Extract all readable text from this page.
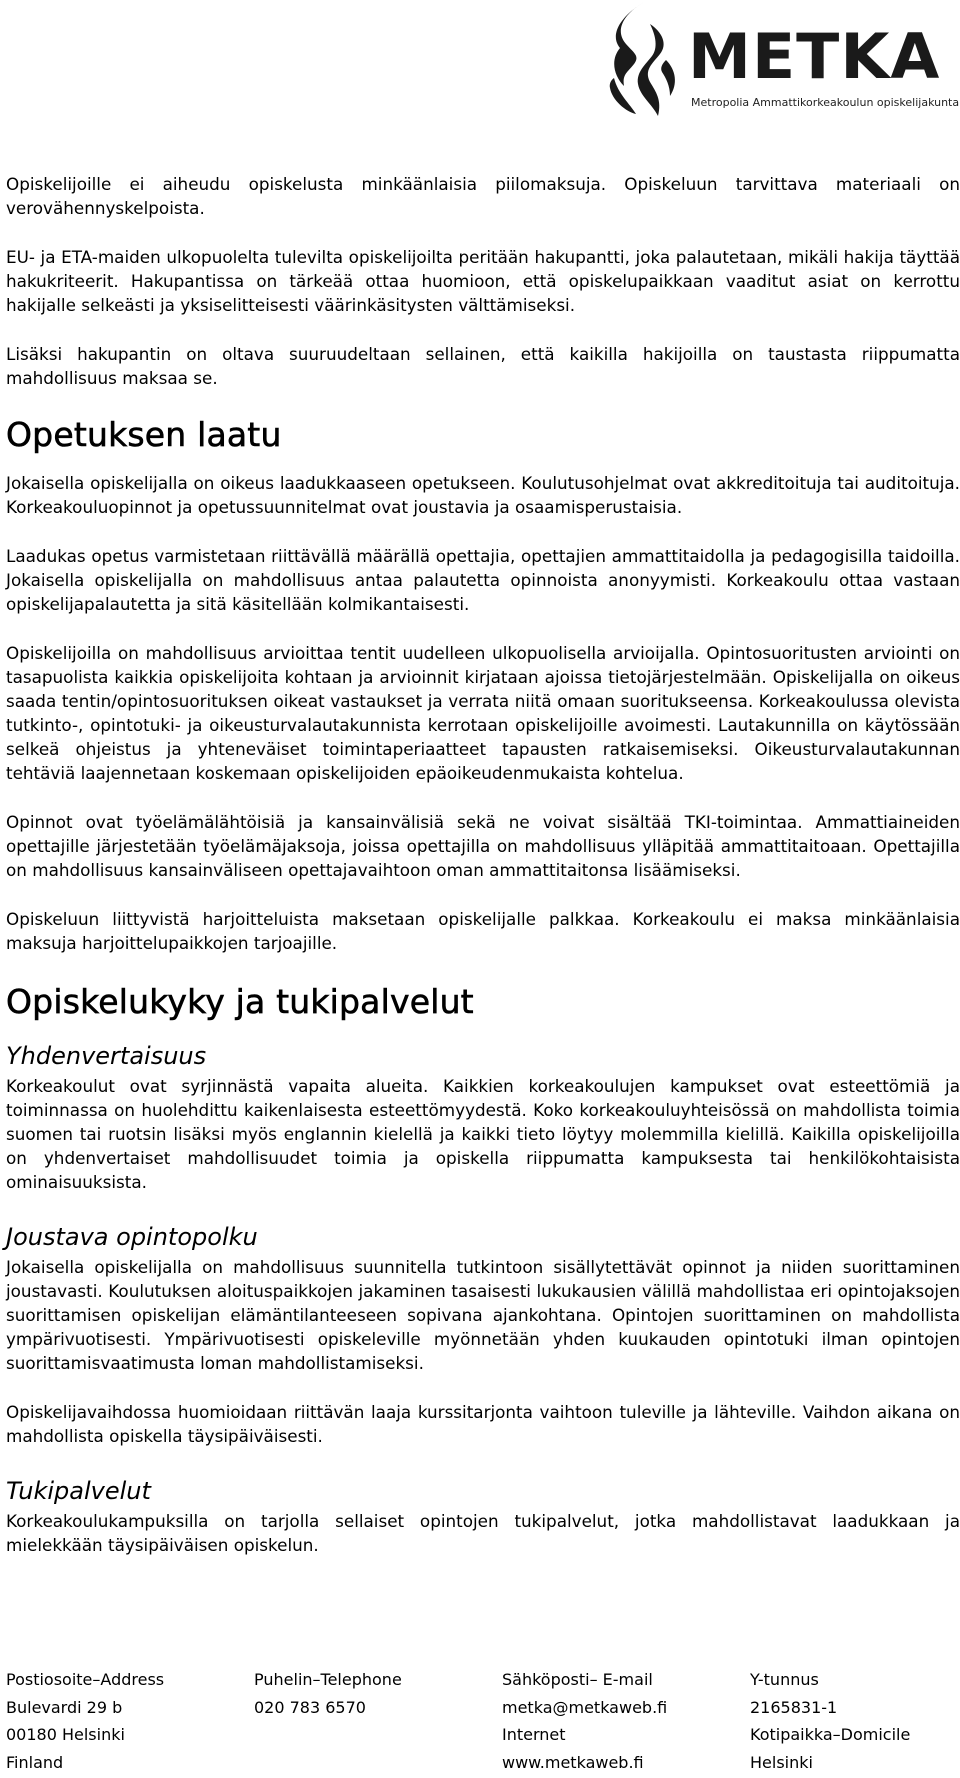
METKA
Metropolia Ammattikorkeakoulun opiskelijakunta

Opiskelijoille ei aiheudu opiskelusta minkäänlaisia piilomaksuja. Opiskeluun tarvittava materiaali on verovähennyskelpoista.

EU- ja ETA-maiden ulkopuolelta tulevilta opiskelijoilta peritään hakupantti, joka palautetaan, mikäli hakija täyttää hakukriteerit. Hakupantissa on tärkeää ottaa huomioon, että opiskelupaikkaan vaaditut asiat on kerrottu hakijalle selkeästi ja yksiselitteisesti väärinkäsitysten välttämiseksi.

Lisäksi hakupantin on oltava suuruudeltaan sellainen, että kaikilla hakijoilla on taustasta riippumatta mahdollisuus maksaa se.

Opetuksen laatu

Jokaisella opiskelijalla on oikeus laadukkaaseen opetukseen. Koulutusohjelmat ovat akkreditoituja tai auditoituja. Korkeakouluopinnot ja opetussuunnitelmat ovat joustavia ja osaamisperustaisia.

Laadukas opetus varmistetaan riittävällä määrällä opettajia, opettajien ammattitaidolla ja pedagogisilla taidoilla. Jokaisella opiskelijalla on mahdollisuus antaa palautetta opinnoista anonyymisti. Korkeakoulu ottaa vastaan opiskelijapalautetta ja sitä käsitellään kolmikantaisesti.

Opiskelijoilla on mahdollisuus arvioittaa tentit uudelleen ulkopuolisella arvioijalla. Opintosuoritusten arviointi on tasapuolista kaikkia opiskelijoita kohtaan ja arvioinnit kirjataan ajoissa tietojärjestelmään. Opiskelijalla on oikeus saada tentin/opintosuorituksen oikeat vastaukset ja verrata niitä omaan suoritukseensa. Korkeakoulussa olevista tutkinto-, opintotuki- ja oikeusturvalautakunnista kerrotaan opiskelijoille avoimesti. Lautakunnilla on käytössään selkeä ohjeistus ja yhteneväiset toimintaperiaatteet tapausten ratkaisemiseksi. Oikeusturvalautakunnan tehtäviä laajennetaan koskemaan opiskelijoiden epäoikeudenmukaista kohtelua.

Opinnot ovat työelämälähtöisiä ja kansainvälisiä sekä ne voivat sisältää TKI-toimintaa. Ammattiaineiden opettajille järjestetään työelämäjaksoja, joissa opettajilla on mahdollisuus ylläpitää ammattitaitoaan. Opettajilla on mahdollisuus kansainväliseen opettajavaihtoon oman ammattitaitonsa lisäämiseksi.

Opiskeluun liittyvistä harjoitteluista maksetaan opiskelijalle palkkaa. Korkeakoulu ei maksa minkäänlaisia maksuja harjoittelupaikkojen tarjoajille.

Opiskelukyky ja tukipalvelut
Yhdenvertaisuus

Korkeakoulut ovat syrjinnästä vapaita alueita. Kaikkien korkeakoulujen kampukset ovat esteettömiä ja toiminnassa on huolehdittu kaikenlaisesta esteettömyydestä. Koko korkeakouluyhteisössä on mahdollista toimia suomen tai ruotsin lisäksi myös englannin kielellä ja kaikki tieto löytyy molemmilla kielillä. Kaikilla opiskelijoilla on yhdenvertaiset mahdollisuudet toimia ja opiskella riippumatta kampuksesta tai henkilökohtaisista ominaisuuksista.

Joustava opintopolku

Jokaisella opiskelijalla on mahdollisuus suunnitella tutkintoon sisällytettävät opinnot ja niiden suorittaminen joustavasti. Koulutuksen aloituspaikkojen jakaminen tasaisesti lukukausien välillä mahdollistaa eri opintojaksojen suorittamisen opiskelijan elämäntilanteeseen sopivana ajankohtana. Opintojen suorittaminen on mahdollista ympärivuotisesti. Ympärivuotisesti opiskeleville myönnetään yhden kuukauden opintotuki ilman opintojen suorittamisvaatimusta loman mahdollistamiseksi.

Opiskelijavaihdossa huomioidaan riittävän laaja kurssitarjonta vaihtoon tuleville ja lähteville. Vaihdon aikana on mahdollista opiskella täysipäiväisesti.

Tukipalvelut

Korkeakoulukampuksilla on tarjolla sellaiset opintojen tukipalvelut, jotka mahdollistavat laadukkaan ja mielekkään täysipäiväisen opiskelun.

Postiosoite–Address
Bulevardi 29 b
00180 Helsinki
Finland
Puhelin–Telephone
020 783 6570
Sähköposti– E-mail
metka@metkaweb.fi
Internet
www.metkaweb.fi
Y-tunnus
2165831-1
Kotipaikka–Domicile
Helsinki
